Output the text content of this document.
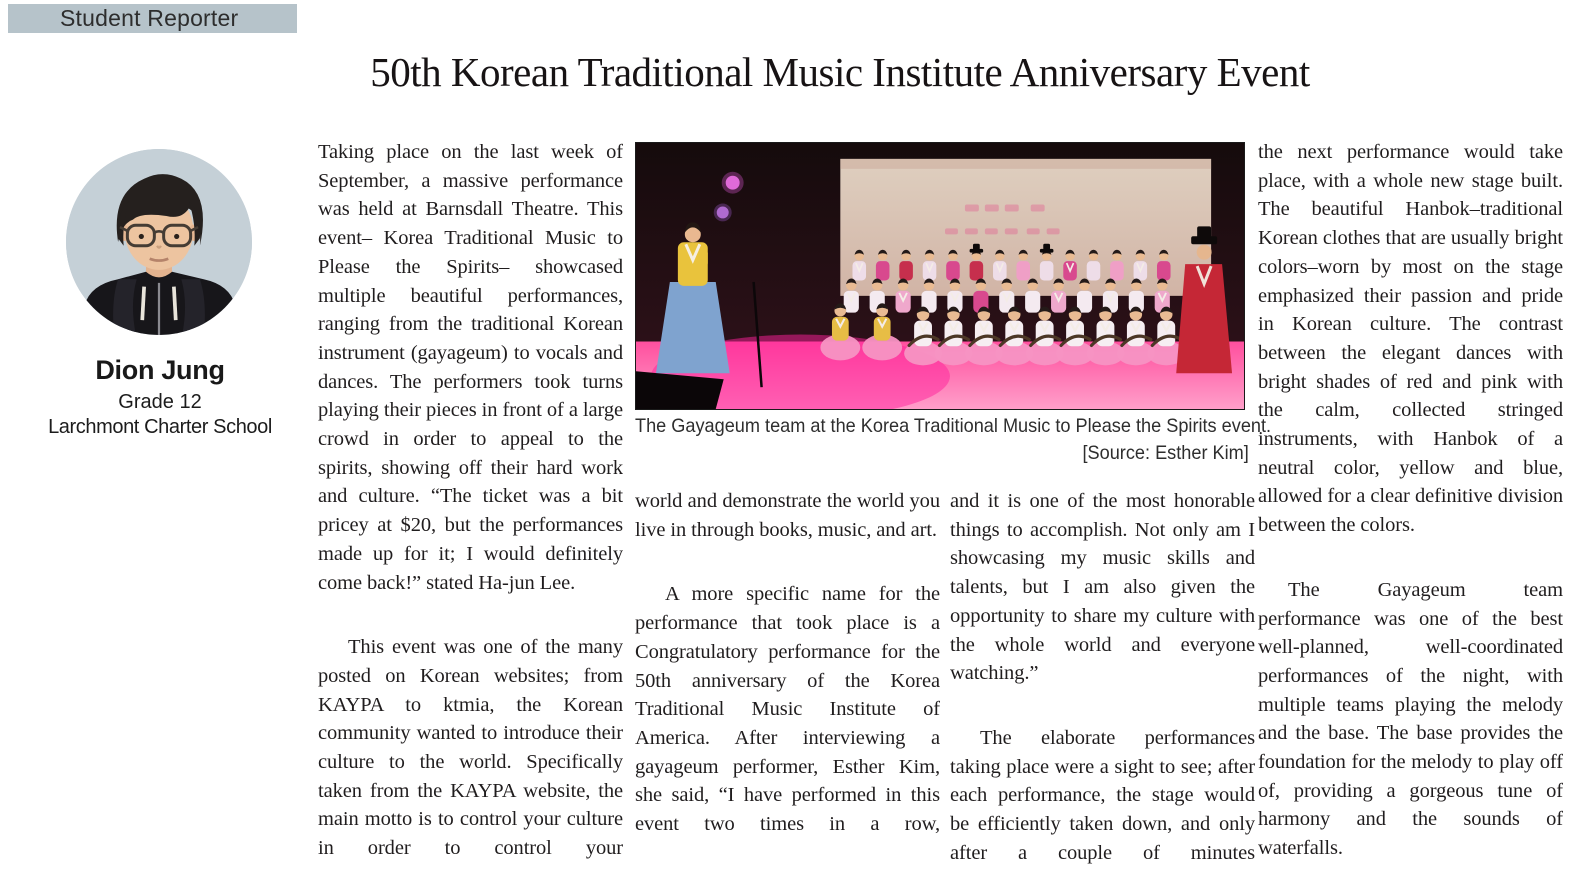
Student Reporter
50th Korean Traditional Music Institute Anniversary Event
Dion Jung
Grade 12
Larchmont Charter School	The Gayageum team at the Korea Traditional Music to Please the Spirits event.
[Source: Esther Kim]

Taking place on the last week of September, a massive performance was held at Barnsdall Theatre. This event– Korea Traditional Music to Please the Spirits– showcased multiple beautiful performances, ranging from the traditional Korean instrument (gayageum) to vocals and dances. The performers took turns playing their pieces in front of a large crowd in order to appeal to the spirits, showing off their hard work and culture. “The ticket was a bit pricey at $20, but the performances made up for it; I would definitely come back!” stated Ha-jun Lee.

This event was one of the many posted on Korean websites; from KAYPA to ktmia, the Korean community wanted to introduce their culture to the world. Specifically taken from the KAYPA website, the main motto is to control your culture in order to control your

world and demonstrate the world you live in through books, music, and art.

A more specific name for the performance that took place is a Congratulatory performance for the 50th anniversary of the Korea Traditional Music Institute of America. After interviewing a gayageum performer, Esther Kim, she said, “I have performed in this event two times in a row,

and it is one of the most honorable things to accomplish. Not only am I showcasing my music skills and talents, but I am also given the opportunity to share my culture with the whole world and everyone watching.”

The elaborate performances taking place were a sight to see; after each performance, the stage would be efficiently taken down, and only after a couple of minutes

the next performance would take place, with a whole new stage built. The beautiful Hanbok–traditional Korean clothes that are usually bright colors–worn by most on the stage emphasized their passion and pride in Korean culture. The contrast between the elegant dances with bright shades of red and pink with the calm, collected stringed instruments, with Hanbok of a neutral color, yellow and blue, allowed for a clear definitive division between the colors.

The Gayageum team performance was one of the best well-planned, well-coordinated performances of the night, with multiple teams playing the melody and the base. The base provides the foundation for the melody to play off of, providing a gorgeous tune of harmony and the sounds of waterfalls.
